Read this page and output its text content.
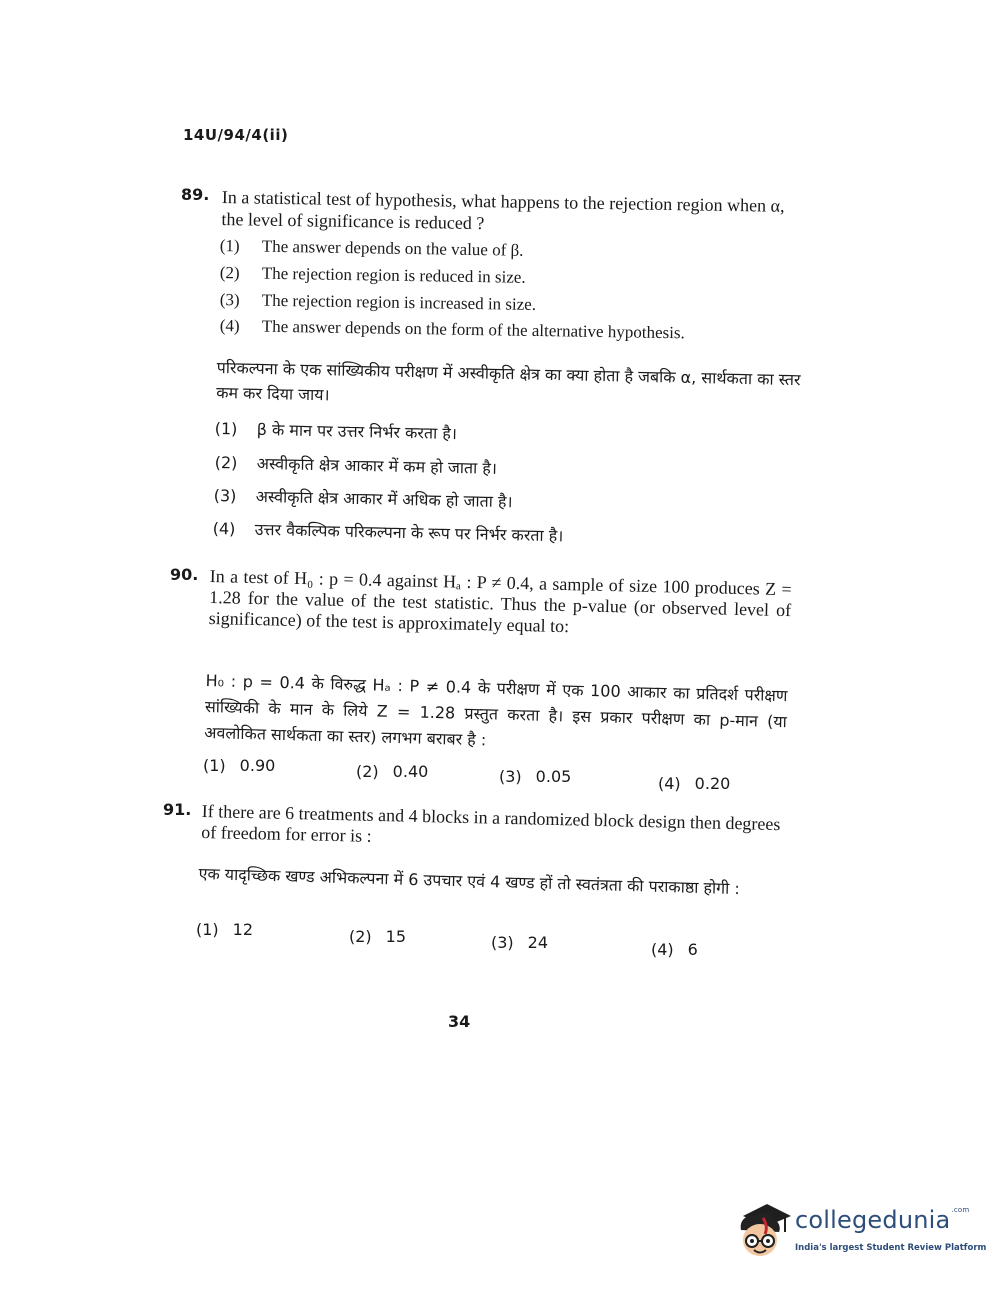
14U/94/4(ii)
89. In a statistical test of hypothesis, what happens to the rejection region when α, the level of significance is reduced ?
(1) The answer depends on the value of β.
(2) The rejection region is reduced in size.
(3) The rejection region is increased in size.
(4) The answer depends on the form of the alternative hypothesis.
परिकल्पना के एक सांख्यिकीय परीक्षण में अस्वीकृति क्षेत्र का क्या होता है जबकि α, सार्थकता का स्तर कम कर दिया जाय।
(1) β के मान पर उत्तर निर्भर करता है।
(2) अस्वीकृति क्षेत्र आकार में कम हो जाता है।
(3) अस्वीकृति क्षेत्र आकार में अधिक हो जाता है।
(4) उत्तर वैकल्पिक परिकल्पना के रूप पर निर्भर करता है।
90. In a test of H₀ : p = 0.4 against Hₐ : P ≠ 0.4, a sample of size 100 produces Z = 1.28 for the value of the test statistic. Thus the p-value (or observed level of significance) of the test is approximately equal to:
H₀ : p = 0.4 के विरुद्ध Hₐ : P ≠ 0.4 के परीक्षण में एक 100 आकार का प्रतिदर्श परीक्षण सांख्यिकी के मान के लिये Z = 1.28 प्रस्तुत करता है। इस प्रकार परीक्षण का p-मान (या अवलोकित सार्थकता का स्तर) लगभग बराबर है :
(1) 0.90	(2) 0.40	(3) 0.05	(4) 0.20
91. If there are 6 treatments and 4 blocks in a randomized block design then degrees of freedom for error is :
एक यादृच्छिक खण्ड अभिकल्पना में 6 उपचार एवं 4 खण्ड हों तो स्वतंत्रता की पराकाष्ठा होगी :
(1) 12	(2) 15	(3) 24	(4) 6
34
collegedunia$^{.com}$
India's largest Student Review Platform
